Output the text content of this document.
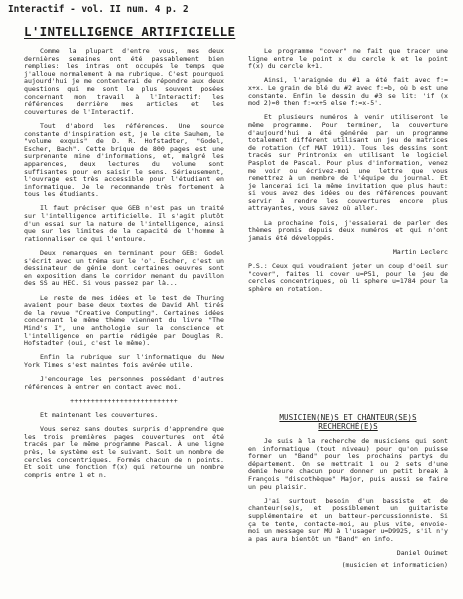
Interactif - vol. II num. 4 p. 2
L'INTELLIGENCE ARTIFICIELLE

Comme la plupart d'entre vous, mes deux dernières semaines ont été passablement bien remplies: les intras ont occupés le temps que j'alloue normalement à ma rubrique. C'est pourquoi aujourd'hui je me contenterai de répondre aux deux questions qui me sont le plus souvent posées concernant mon travail à l'Interactif: les références derrière mes articles et les couvertures de l'Interactif.

Tout d'abord les références. Une source constante d'inspiration est, je le cite Sauhem, le "volume exquis" de D. R. Hofstadter, "Godel, Escher, Bach". Cette brique de 800 pages est une surprenante mine d'informations, et, malgré les apparences, deux lectures du volume sont suffisantes pour en saisir le sens. Sérieusement, l'ouvrage est très accessible pour l'étudiant en informatique. Je le recommande très fortement à tous les étudiants.

Il faut préciser que GEB n'est pas un traité sur l'intelligence artificielle. Il s'agit plutôt d'un essai sur la nature de l'intelligence, ainsi que sur les limites de la capacité de l'homme à rationnaliser ce qui l'entoure.

Deux remarques en terminant pour GEB: Godel s'écrit avec un tréma sur le 'o'. Escher, c'est un dessinateur de génie dont certaines oeuvres sont en exposition dans le corridor menant du pavillon des SS au HEC. Si vous passez par là...

Le reste de mes idées et le test de Thuring avaient pour base deux textes de David Ahl tirés de la revue "Creative Computing". Certaines idées concernant le même thème viennent du livre "The Mind's I", une anthologie sur la conscience et l'intelligence en partie rédigée par Douglas R. Hofstadter (oui, c'est le même).

Enfin la rubrique sur l'informatique du New York Times s'est maintes fois avérée utile.

J'encourage les personnes possédant d'autres références à entrer en contact avec moi.

++++++++++++++++++++++++++

Et maintenant les couvertures.

Vous serez sans doutes surpris d'apprendre que les trois premières pages couvertures ont été tracés par le même programme Pascal. À une ligne près, le système est le suivant. Soit un nombre de cercles concentriques. Formés chacun de n points. Et soit une fonction f(x) qui retourne un nombre compris entre 1 et n.

Le programme "cover" ne fait que tracer une ligne entre le point x du cercle k et le point f(x) du cercle k+1.

Ainsi, l'araignée du #1 a été fait avec f:= x+x. Le grain de blé du #2 avec f:=b, où b est une constante. Enfin le dessin du #3 se lit: 'if (x mod 2)=0 then f:=x+5 else f:=x-5'.

Et plusieurs numéros à venir utiliseront le même programme. Pour terminer, la couverture d'aujourd'hui a été générée par un programme totalement différent utilisant un jeu de matrices de rotation (cf MAT 1911). Tous les dessins sont tracés sur Printronix en utilisant le logiciel Pasplot de Pascal. Pour plus d'information, venez me voir ou écrivez-moi une lettre que vous remettrez à un membre de l'équipe du journal. Et je lancerai ici la même invitation que plus haut: si vous avez des idées ou des références pouvant servir à rendre les couvertures encore plus attrayantes, vous savez où aller.

La prochaine fois, j'essaierai de parler des thèmes promis depuis deux numéros et qui n'ont jamais été développés.

Martin Leclerc

P.S.: Ceux qui voudraient jeter un coup d'oeil sur "cover", faites li cover u=P51, pour le jeu de cercles concentriques, où li sphere u=1784 pour la sphère en rotation.

MUSICIEN(NE)S ET CHANTEUR(SE)S RECHERCHÉ(E)S

Je suis à la recherche de musiciens qui sont en informatique (tout niveau) pour qu'on puisse former un "Band" pour les prochains partys du département. On se mettrait 1 ou 2 sets d'une demie heure chacun pour donner un petit break à François "discothèque" Major, puis aussi se faire un peu plaisir.

J'ai surtout besoin d'un bassiste et de chanteur(se)s, et possiblement un guitariste supplémentaire et un batteur-percussionniste. Si ça te tente, contacte-moi, au plus vite, envoie-moi un message sur MU à l'usager u=D9925, s'il n'y a pas aura bientôt un "Band" en info.

Daniel Ouimet
(musicien et informaticien)
